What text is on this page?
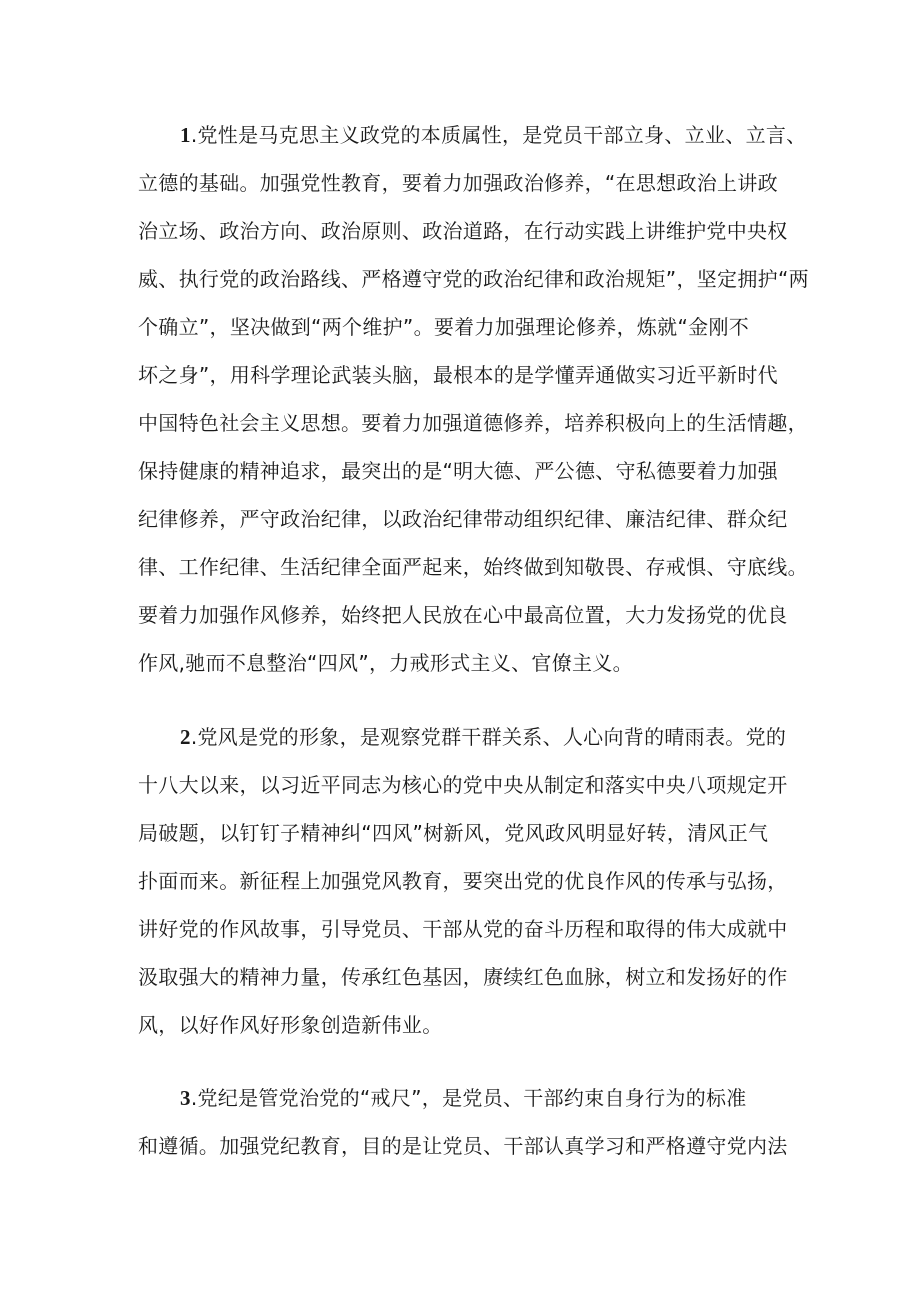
1.党性是马克思主义政党的本质属性，是党员干部立身、立业、立言、
立德的基础。加强党性教育，要着力加强政治修养，“在思想政治上讲政
治立场、政治方向、政治原则、政治道路，在行动实践上讲维护党中央权
威、执行党的政治路线、严格遵守党的政治纪律和政治规矩”，坚定拥护“两
个确立”，坚决做到“两个维护”。要着力加强理论修养，炼就“金刚不
坏之身”，用科学理论武装头脑，最根本的是学懂弄通做实习近平新时代
中国特色社会主义思想。要着力加强道德修养，培养积极向上的生活情趣，
保持健康的精神追求，最突出的是“明大德、严公德、守私德要着力加强
纪律修养，严守政治纪律，以政治纪律带动组织纪律、廉洁纪律、群众纪
律、工作纪律、生活纪律全面严起来，始终做到知敬畏、存戒惧、守底线。
要着力加强作风修养，始终把人民放在心中最高位置，大力发扬党的优良
作风,驰而不息整治“四风”，力戒形式主义、官僚主义。
2.党风是党的形象，是观察党群干群关系、人心向背的晴雨表。党的
十八大以来，以习近平同志为核心的党中央从制定和落实中央八项规定开
局破题，以钉钉子精神纠“四风”树新风，党风政风明显好转，清风正气
扑面而来。新征程上加强党风教育，要突出党的优良作风的传承与弘扬，
讲好党的作风故事，引导党员、干部从党的奋斗历程和取得的伟大成就中
汲取强大的精神力量，传承红色基因，赓续红色血脉，树立和发扬好的作
风，以好作风好形象创造新伟业。
3.党纪是管党治党的“戒尺”，是党员、干部约束自身行为的标准
和遵循。加强党纪教育，目的是让党员、干部认真学习和严格遵守党内法
